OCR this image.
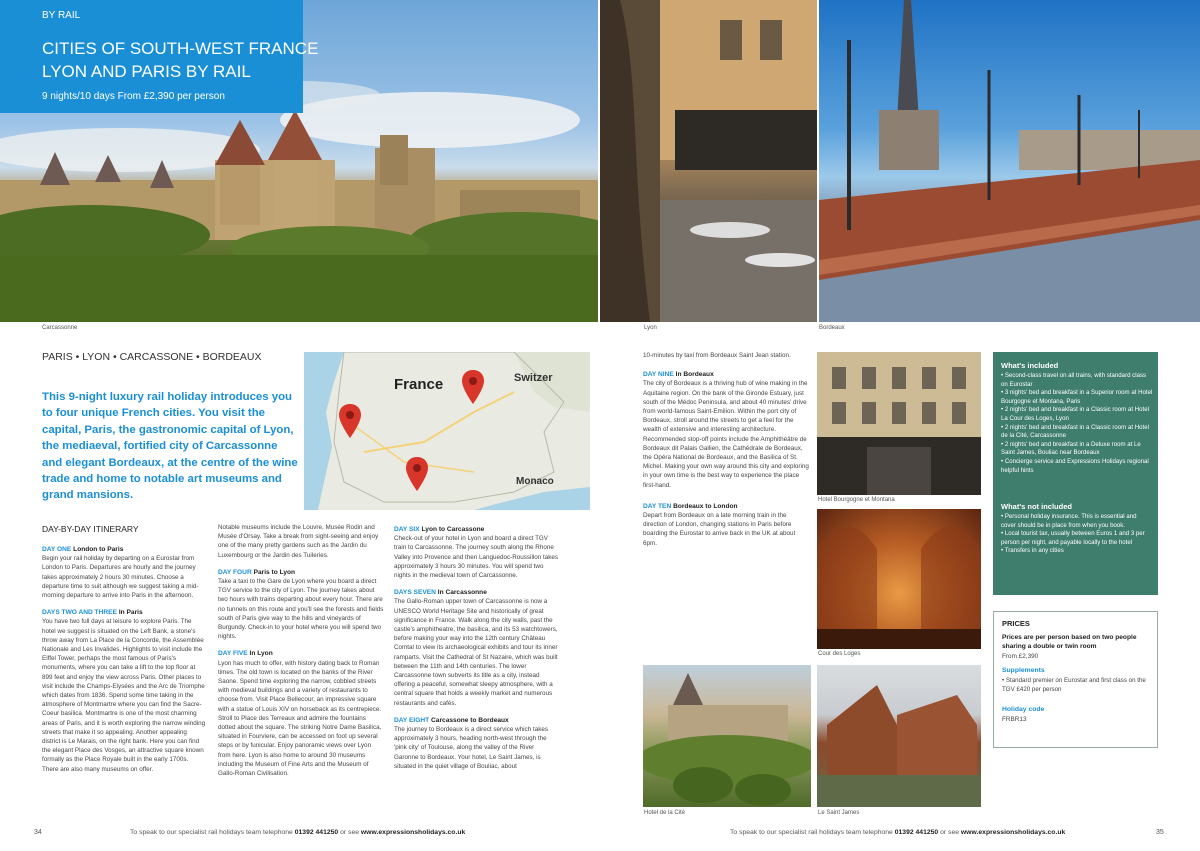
BY RAIL
CITIES OF SOUTH-WEST FRANCE
LYON AND PARIS BY RAIL
9 nights/10 days From £2,390 per person
Carcassonne
PARIS • LYON • CARCASSONE • BORDEAUX
France	Switzer
Monaco
This 9-night luxury rail holiday introduces you to four unique French cities. You visit the capital, Paris, the gastronomic capital of Lyon, the mediaeval, fortified city of Carcassonne and elegant Bordeaux, at the centre of the wine trade and home to notable art museums and grand mansions.
DAY-BY-DAY ITINERARY
DAY ONE London to Paris

Begin your rail holiday by departing on a Eurostar from London to Paris. Departures are hourly and the journey takes approximately 2 hours 30 minutes. Choose a departure time to suit although we suggest taking a mid-morning departure to arrive into Paris in the afternoon.

DAYS TWO AND THREE In Paris

You have two full days at leisure to explore Paris. The hotel we suggest is situated on the Left Bank, a stone's throw away from La Place de la Concorde, the Assemblée Nationale and Les Invalides. Highlights to visit include the Eiffel Tower, perhaps the most famous of Paris's monuments, where you can take a lift to the top floor at 899 feet and enjoy the view across Paris. Other places to visit include the Champs-Elysées and the Arc de Triomphe which dates from 1836. Spend some time taking in the atmosphere of Montmartre where you can find the Sacre-Coeur basilica. Montmartre is one of the most charming areas of Paris, and it is worth exploring the narrow winding streets that make it so appealing. Another appealing district is Le Marais, on the right bank. Here you can find the elegant Place des Vosges, an attractive square known formally as the Place Royale built in the early 1700s. There are also many museums on offer.

Notable museums include the Louvre, Musée Rodin and Musée d'Orsay. Take a break from sight-seeing and enjoy one of the many pretty gardens such as the Jardin du Luxembourg or the Jardin des Tuileries.

DAY FOUR Paris to Lyon

Take a taxi to the Gare de Lyon where you board a direct TGV service to the city of Lyon. The journey takes about two hours with trains departing about every hour. There are no tunnels on this route and you'll see the forests and fields south of Paris give way to the hills and vineyards of Burgundy. Check-in to your hotel where you will spend two nights.

DAY FIVE In Lyon

Lyon has much to offer, with history dating back to Roman times. The old town is located on the banks of the River Saone. Spend time exploring the narrow, cobbled streets with medieval buildings and a variety of restaurants to choose from. Visit Place Bellecour, an impressive square with a statue of Louis XIV on horseback as its centrepiece. Stroll to Place des Terreaux and admire the fountains dotted about the square. The striking Notre Dame Basilica, situated in Fourviere, can be accessed on foot up several steps or by funicular. Enjoy panoramic views over Lyon from here. Lyon is also home to around 30 museums including the Museum of Fine Arts and the Museum of Gallo-Roman Civilisation.

DAY SIX Lyon to Carcassone

Check-out of your hotel in Lyon and board a direct TGV train to Carcassonne. The journey south along the Rhone Valley into Provence and then Languedoc-Roussillon takes approximately 3 hours 30 minutes. You will spend two nights in the medieval town of Carcassonne.

DAYS SEVEN In Carcassonne

The Gallo-Roman upper town of Carcassonne is now a UNESCO World Heritage Site and historically of great significance in France. Walk along the city walls, past the castle's amphitheatre, the basilica, and its 53 watchtowers, before making your way into the 12th century Château Comtal to view its archaeological exhibits and tour its inner ramparts. Visit the Cathedral of St Nazaire, which was built between the 11th and 14th centuries. The lower Carcassonne town subverts its title as a city, instead offering a peaceful, somewhat sleepy atmosphere, with a central square that holds a weekly market and numerous restaurants and cafés.

DAY EIGHT Carcassone to Bordeaux

The journey to Bordeaux is a direct service which takes approximately 3 hours, heading north-west through the 'pink city' of Toulouse, along the valley of the River Garonne to Bordeaux. Your hotel, Le Saint James, is situated in the quiet village of Bouliac, about

34	To speak to our specialist rail holidays team telephone 01392 441250 or see www.expressionsholidays.co.uk
Lyon	Bordeaux

10-minutes by taxi from Bordeaux Saint Jean station.

DAY NINE In Bordeaux

The city of Bordeaux is a thriving hub of wine making in the Aquitaine region. On the bank of the Gironde Estuary, just south of the Médoc Peninsula, and about 40 minutes' drive from world-famous Saint-Emilion. Within the port city of Bordeaux, stroll around the streets to get a feel for the wealth of extensive and interesting architecture. Recommended stop-off points include the Amphithéâtre de Bordeaux dit Palais Gallien, the Cathédrale de Bordeaux, the Opéra National de Bordeaux, and the Basilica of St. Michel. Making your own way around this city and exploring in your own time is the best way to experience the place first-hand.

DAY TEN Bordeaux to London

Depart from Bordeaux on a late morning train in the direction of London, changing stations in Paris before boarding the Eurostar to arrive back in the UK at about 6pm.

Hotel Bourgogne et Montana
Cour des Loges
Hotel de la Cité	Le Saint James
What's included
• Second-class travel on all trains, with standard class on Eurostar
• 3 nights' bed and breakfast in a Superior room at Hotel Bourgogne et Montana, Paris
• 2 nights' bed and breakfast in a Classic room at Hotel La Cour des Loges, Lyon
• 2 nights' bed and breakfast in a Classic room at Hotel de la Cité, Carcassonne
• 2 nights' bed and breakfast in a Deluxe room at Le Saint James, Bouliac near Bordeaux
• Concierge service and Expressions Holidays regional helpful hints
What's not included
• Personal holiday insurance. This is essential and cover should be in place from when you book.
• Local tourist tax, usually between Euros 1 and 3 per person per night, and payable locally to the hotel
• Transfers in any cities
PRICES
Prices are per person based on two people sharing a double or twin room
From £2,390
Supplements
• Standard premier on Eurostar and first class on the TGV £420 per person
Holiday code
FRBR13
To speak to our specialist rail holidays team telephone 01392 441250 or see www.expressionsholidays.co.uk	35
